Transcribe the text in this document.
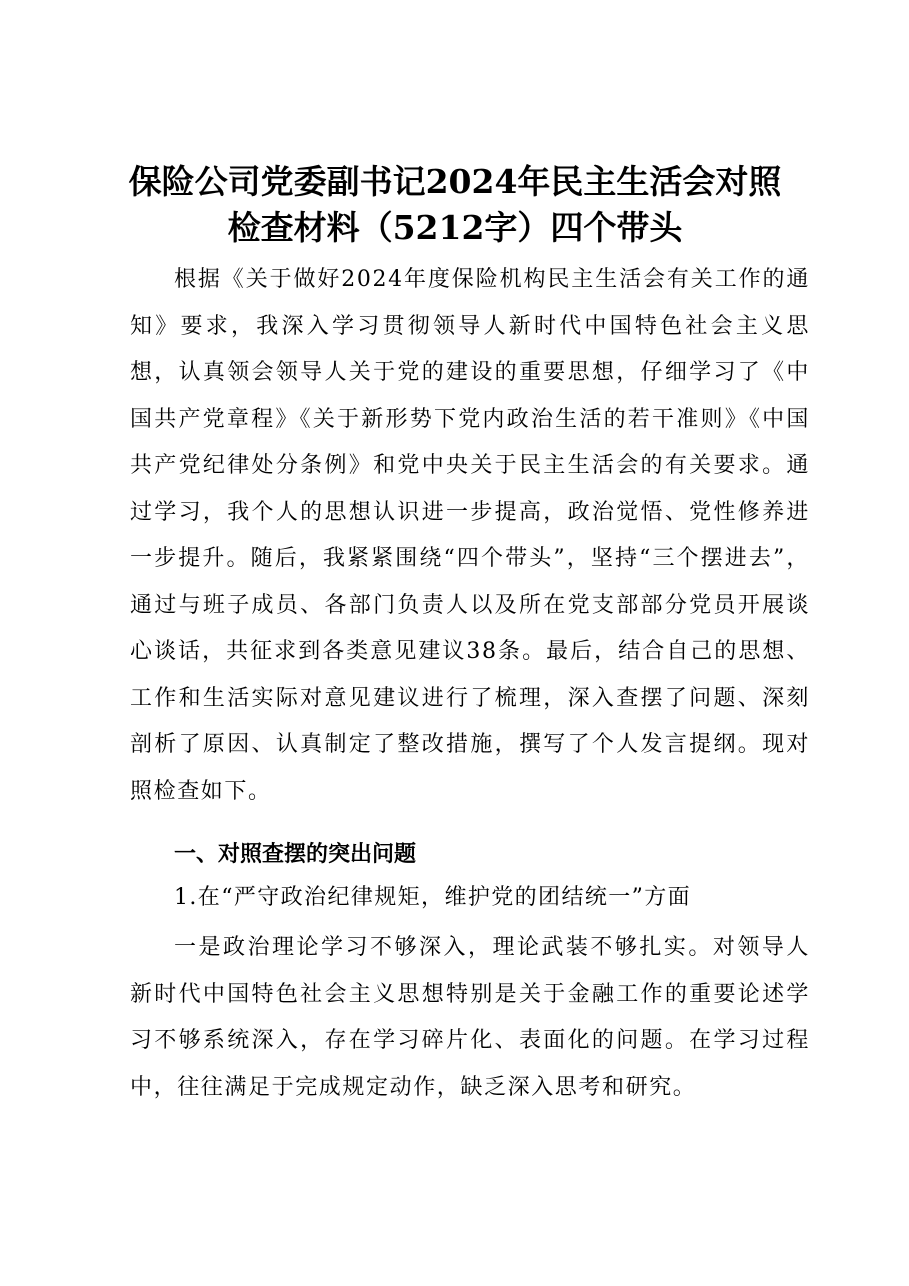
保险公司党委副书记2024年民主生活会对照
检查材料（5212字）四个带头
根据《关于做好2024年度保险机构民主生活会有关工作的通知》要求，我深入学习贯彻领导人新时代中国特色社会主义思想，认真领会领导人关于党的建设的重要思想，仔细学习了《中国共产党章程》《关于新形势下党内政治生活的若干准则》《中国共产党纪律处分条例》和党中央关于民主生活会的有关要求。通过学习，我个人的思想认识进一步提高，政治觉悟、党性修养进一步提升。随后，我紧紧围绕“四个带头”，坚持“三个摆进去”，通过与班子成员、各部门负责人以及所在党支部部分党员开展谈心谈话，共征求到各类意见建议38条。最后，结合自己的思想、工作和生活实际对意见建议进行了梳理，深入查摆了问题、深刻剖析了原因、认真制定了整改措施，撰写了个人发言提纲。现对照检查如下。
一、对照查摆的突出问题
1.在“严守政治纪律规矩，维护党的团结统一”方面
一是政治理论学习不够深入，理论武装不够扎实。对领导人新时代中国特色社会主义思想特别是关于金融工作的重要论述学习不够系统深入，存在学习碎片化、表面化的问题。在学习过程中，往往满足于完成规定动作，缺乏深入思考和研究。
